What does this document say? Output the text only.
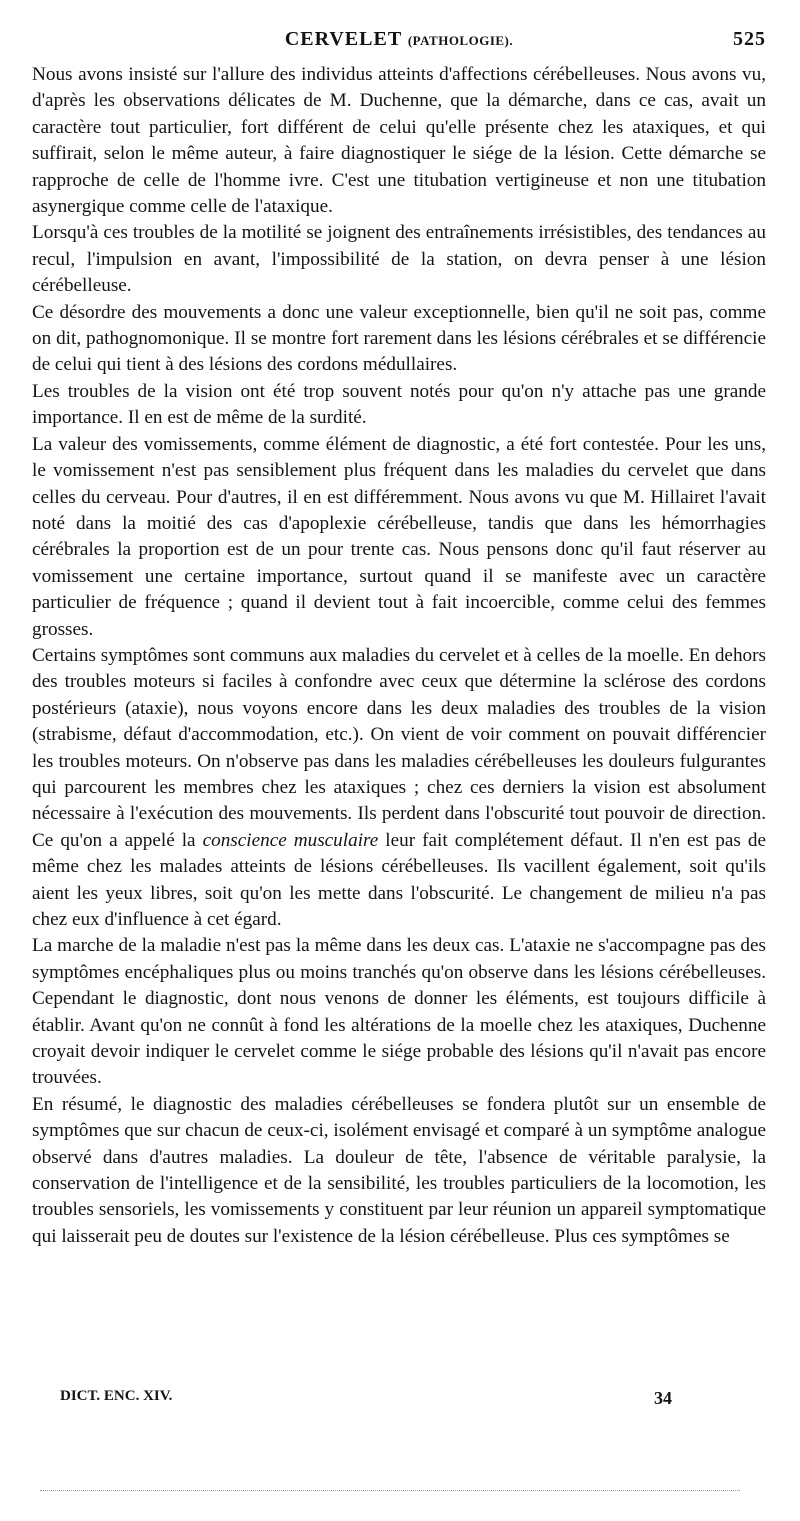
CERVELET (PATHOLOGIE).	525

Nous avons insisté sur l'allure des individus atteints d'affections cérébelleuses. Nous avons vu, d'après les observations délicates de M. Duchenne, que la démarche, dans ce cas, avait un caractère tout particulier, fort différent de celui qu'elle présente chez les ataxiques, et qui suffirait, selon le même auteur, à faire diagnostiquer le siége de la lésion. Cette démarche se rapproche de celle de l'homme ivre. C'est une titubation vertigineuse et non une titubation asynergique comme celle de l'ataxique.

Lorsqu'à ces troubles de la motilité se joignent des entraînements irrésistibles, des tendances au recul, l'impulsion en avant, l'impossibilité de la station, on devra penser à une lésion cérébelleuse.

Ce désordre des mouvements a donc une valeur exceptionnelle, bien qu'il ne soit pas, comme on dit, pathognomonique. Il se montre fort rarement dans les lésions cérébrales et se différencie de celui qui tient à des lésions des cordons médullaires.

Les troubles de la vision ont été trop souvent notés pour qu'on n'y attache pas une grande importance. Il en est de même de la surdité.

La valeur des vomissements, comme élément de diagnostic, a été fort contestée. Pour les uns, le vomissement n'est pas sensiblement plus fréquent dans les maladies du cervelet que dans celles du cerveau. Pour d'autres, il en est différemment. Nous avons vu que M. Hillairet l'avait noté dans la moitié des cas d'apoplexie cérébelleuse, tandis que dans les hémorrhagies cérébrales la proportion est de un pour trente cas. Nous pensons donc qu'il faut réserver au vomissement une certaine importance, surtout quand il se manifeste avec un caractère particulier de fréquence ; quand il devient tout à fait incoercible, comme celui des femmes grosses.

Certains symptômes sont communs aux maladies du cervelet et à celles de la moelle. En dehors des troubles moteurs si faciles à confondre avec ceux que détermine la sclérose des cordons postérieurs (ataxie), nous voyons encore dans les deux maladies des troubles de la vision (strabisme, défaut d'accommodation, etc.). On vient de voir comment on pouvait différencier les troubles moteurs. On n'observe pas dans les maladies cérébelleuses les douleurs fulgurantes qui parcourent les membres chez les ataxiques ; chez ces derniers la vision est absolument nécessaire à l'exécution des mouvements. Ils perdent dans l'obscurité tout pouvoir de direction. Ce qu'on a appelé la conscience musculaire leur fait complétement défaut. Il n'en est pas de même chez les malades atteints de lésions cérébelleuses. Ils vacillent également, soit qu'ils aient les yeux libres, soit qu'on les mette dans l'obscurité. Le changement de milieu n'a pas chez eux d'influence à cet égard.

La marche de la maladie n'est pas la même dans les deux cas. L'ataxie ne s'accompagne pas des symptômes encéphaliques plus ou moins tranchés qu'on observe dans les lésions cérébelleuses. Cependant le diagnostic, dont nous venons de donner les éléments, est toujours difficile à établir. Avant qu'on ne connût à fond les altérations de la moelle chez les ataxiques, Duchenne croyait devoir indiquer le cervelet comme le siége probable des lésions qu'il n'avait pas encore trouvées.

En résumé, le diagnostic des maladies cérébelleuses se fondera plutôt sur un ensemble de symptômes que sur chacun de ceux-ci, isolément envisagé et comparé à un symptôme analogue observé dans d'autres maladies. La douleur de tête, l'absence de véritable paralysie, la conservation de l'intelligence et de la sensibilité, les troubles particuliers de la locomotion, les troubles sensoriels, les vomissements y constituent par leur réunion un appareil symptomatique qui laisserait peu de doutes sur l'existence de la lésion cérébelleuse. Plus ces symptômes se

DICT. ENC. XIV.	34
